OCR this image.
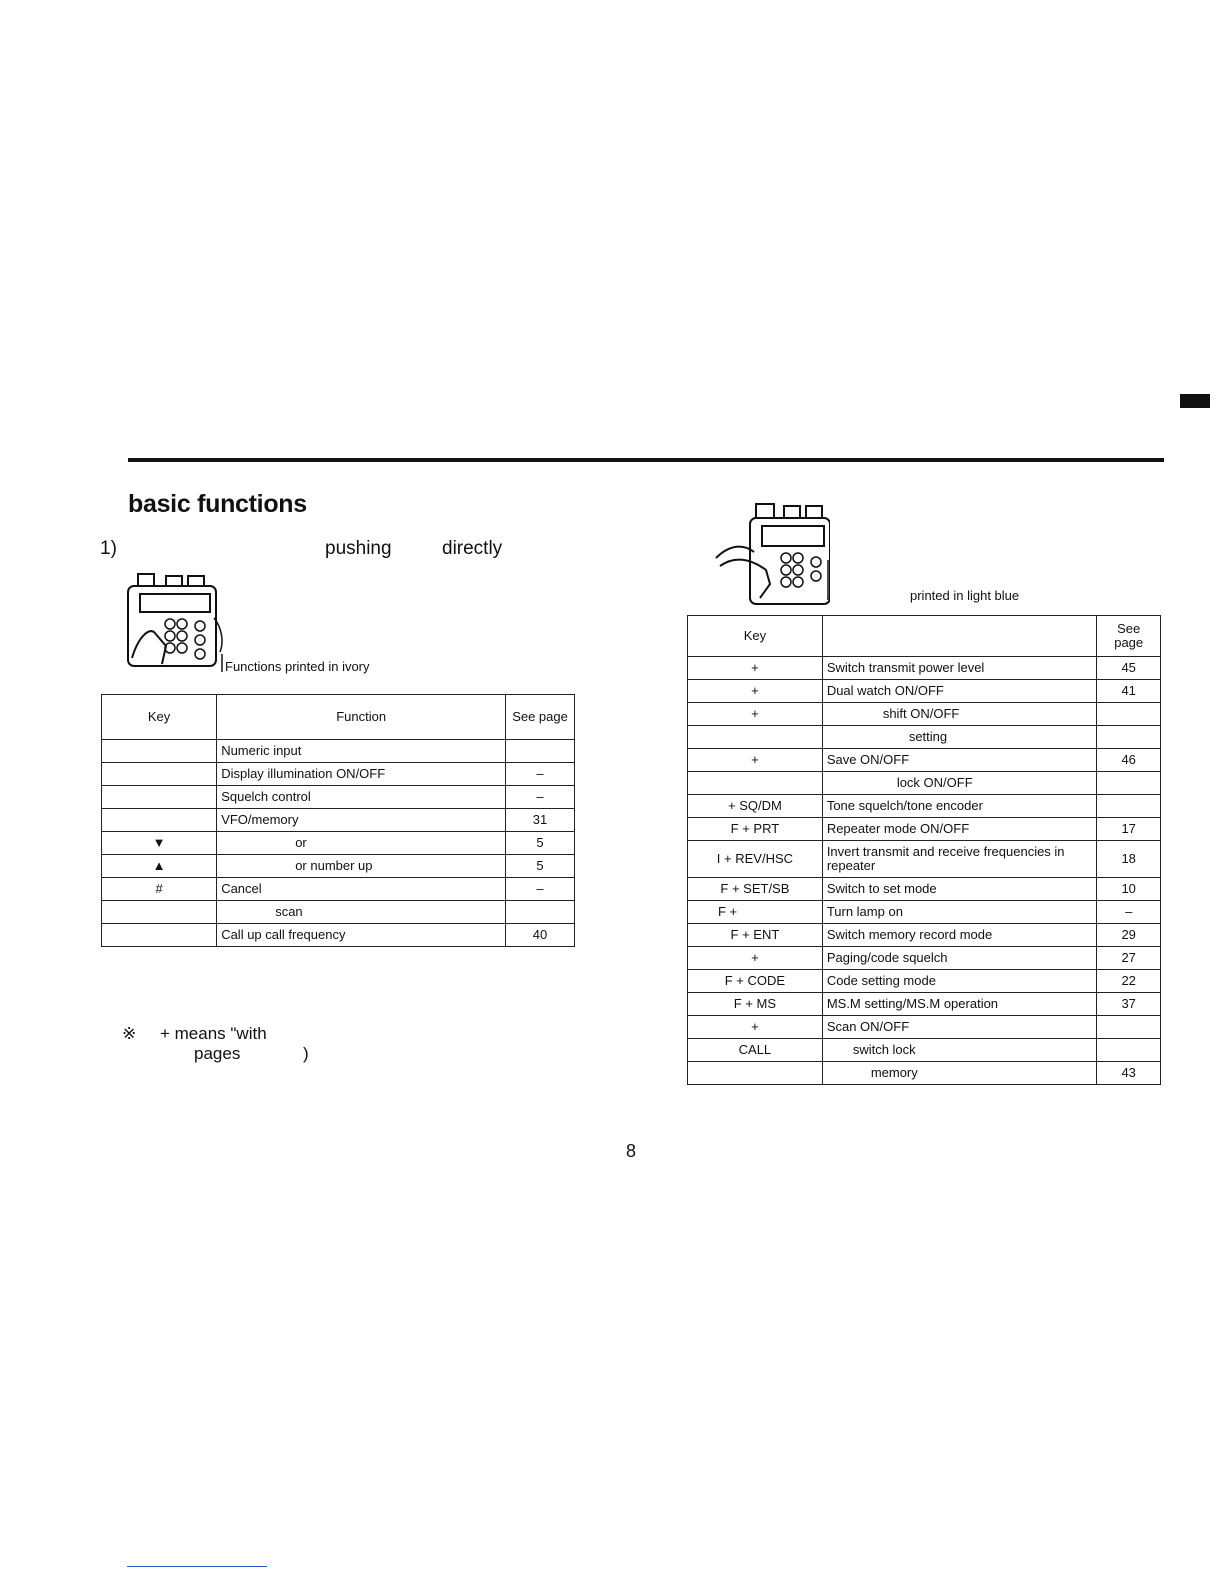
basic functions
1)	pushing	directly
Functions printed in ivory
printed in light blue
Key	Function	See page
	Numeric input	
	Display illumination ON/OFF	–
	Squelch control	–
	VFO/memory	31
▼	or	5
▲	or number up	5
#	Cancel	–
	scan	
	Call up call frequency	40
Key		See page
+	Switch transmit power level	45
+	Dual watch ON/OFF	41
+	shift ON/OFF	
	setting	
+	Save ON/OFF	46
	lock ON/OFF	
+ SQ/DM	Tone squelch/tone encoder	
F + PRT	Repeater mode ON/OFF	17
I + REV/HSC	Invert transmit and receive frequencies in repeater	18
F + SET/SB	Switch to set mode	10
F +	Turn lamp on	–
F + ENT	Switch memory record mode	29
+	Paging/code squelch	27
F + CODE	Code setting mode	22
F + MS	MS.M setting/MS.M operation	37
+	Scan ON/OFF	
CALL	switch lock	
	memory	43
※ + means "with
pages	)
8
